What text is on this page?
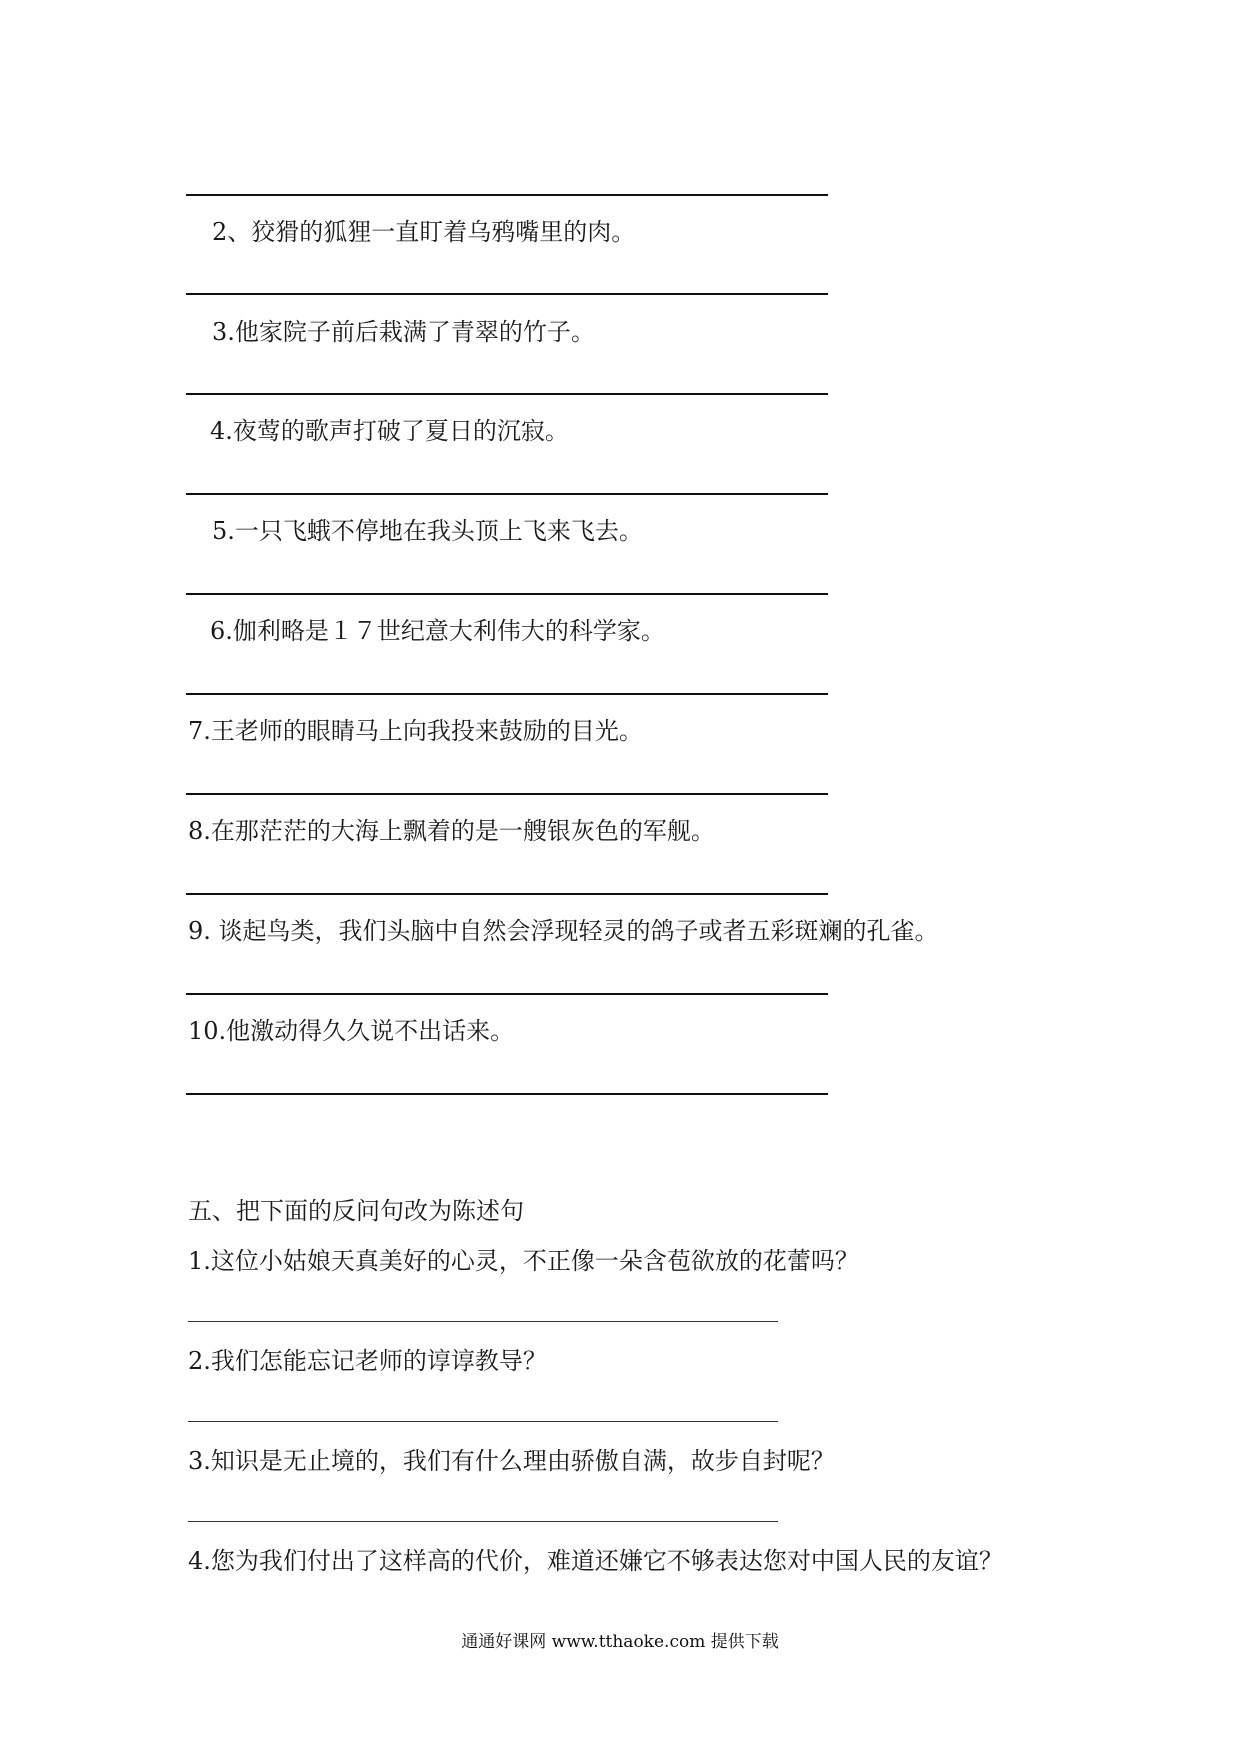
2、狡猾的狐狸一直盯着乌鸦嘴里的肉。
3.他家院子前后栽满了青翠的竹子。
4.夜莺的歌声打破了夏日的沉寂。
5.一只飞蛾不停地在我头顶上飞来飞去。
6.伽利略是１７世纪意大利伟大的科学家。
7.王老师的眼睛马上向我投来鼓励的目光。
8.在那茫茫的大海上飘着的是一艘银灰色的军舰。
9. 谈起鸟类，我们头脑中自然会浮现轻灵的鸽子或者五彩斑斓的孔雀。
10.他激动得久久说不出话来。
五、把下面的反问句改为陈述句
1.这位小姑娘天真美好的心灵，不正像一朵含苞欲放的花蕾吗？
2.我们怎能忘记老师的谆谆教导？
3.知识是无止境的，我们有什么理由骄傲自满，故步自封呢？
4.您为我们付出了这样高的代价，难道还嫌它不够表达您对中国人民的友谊？
通通好课网 www.tthaoke.com 提供下载
